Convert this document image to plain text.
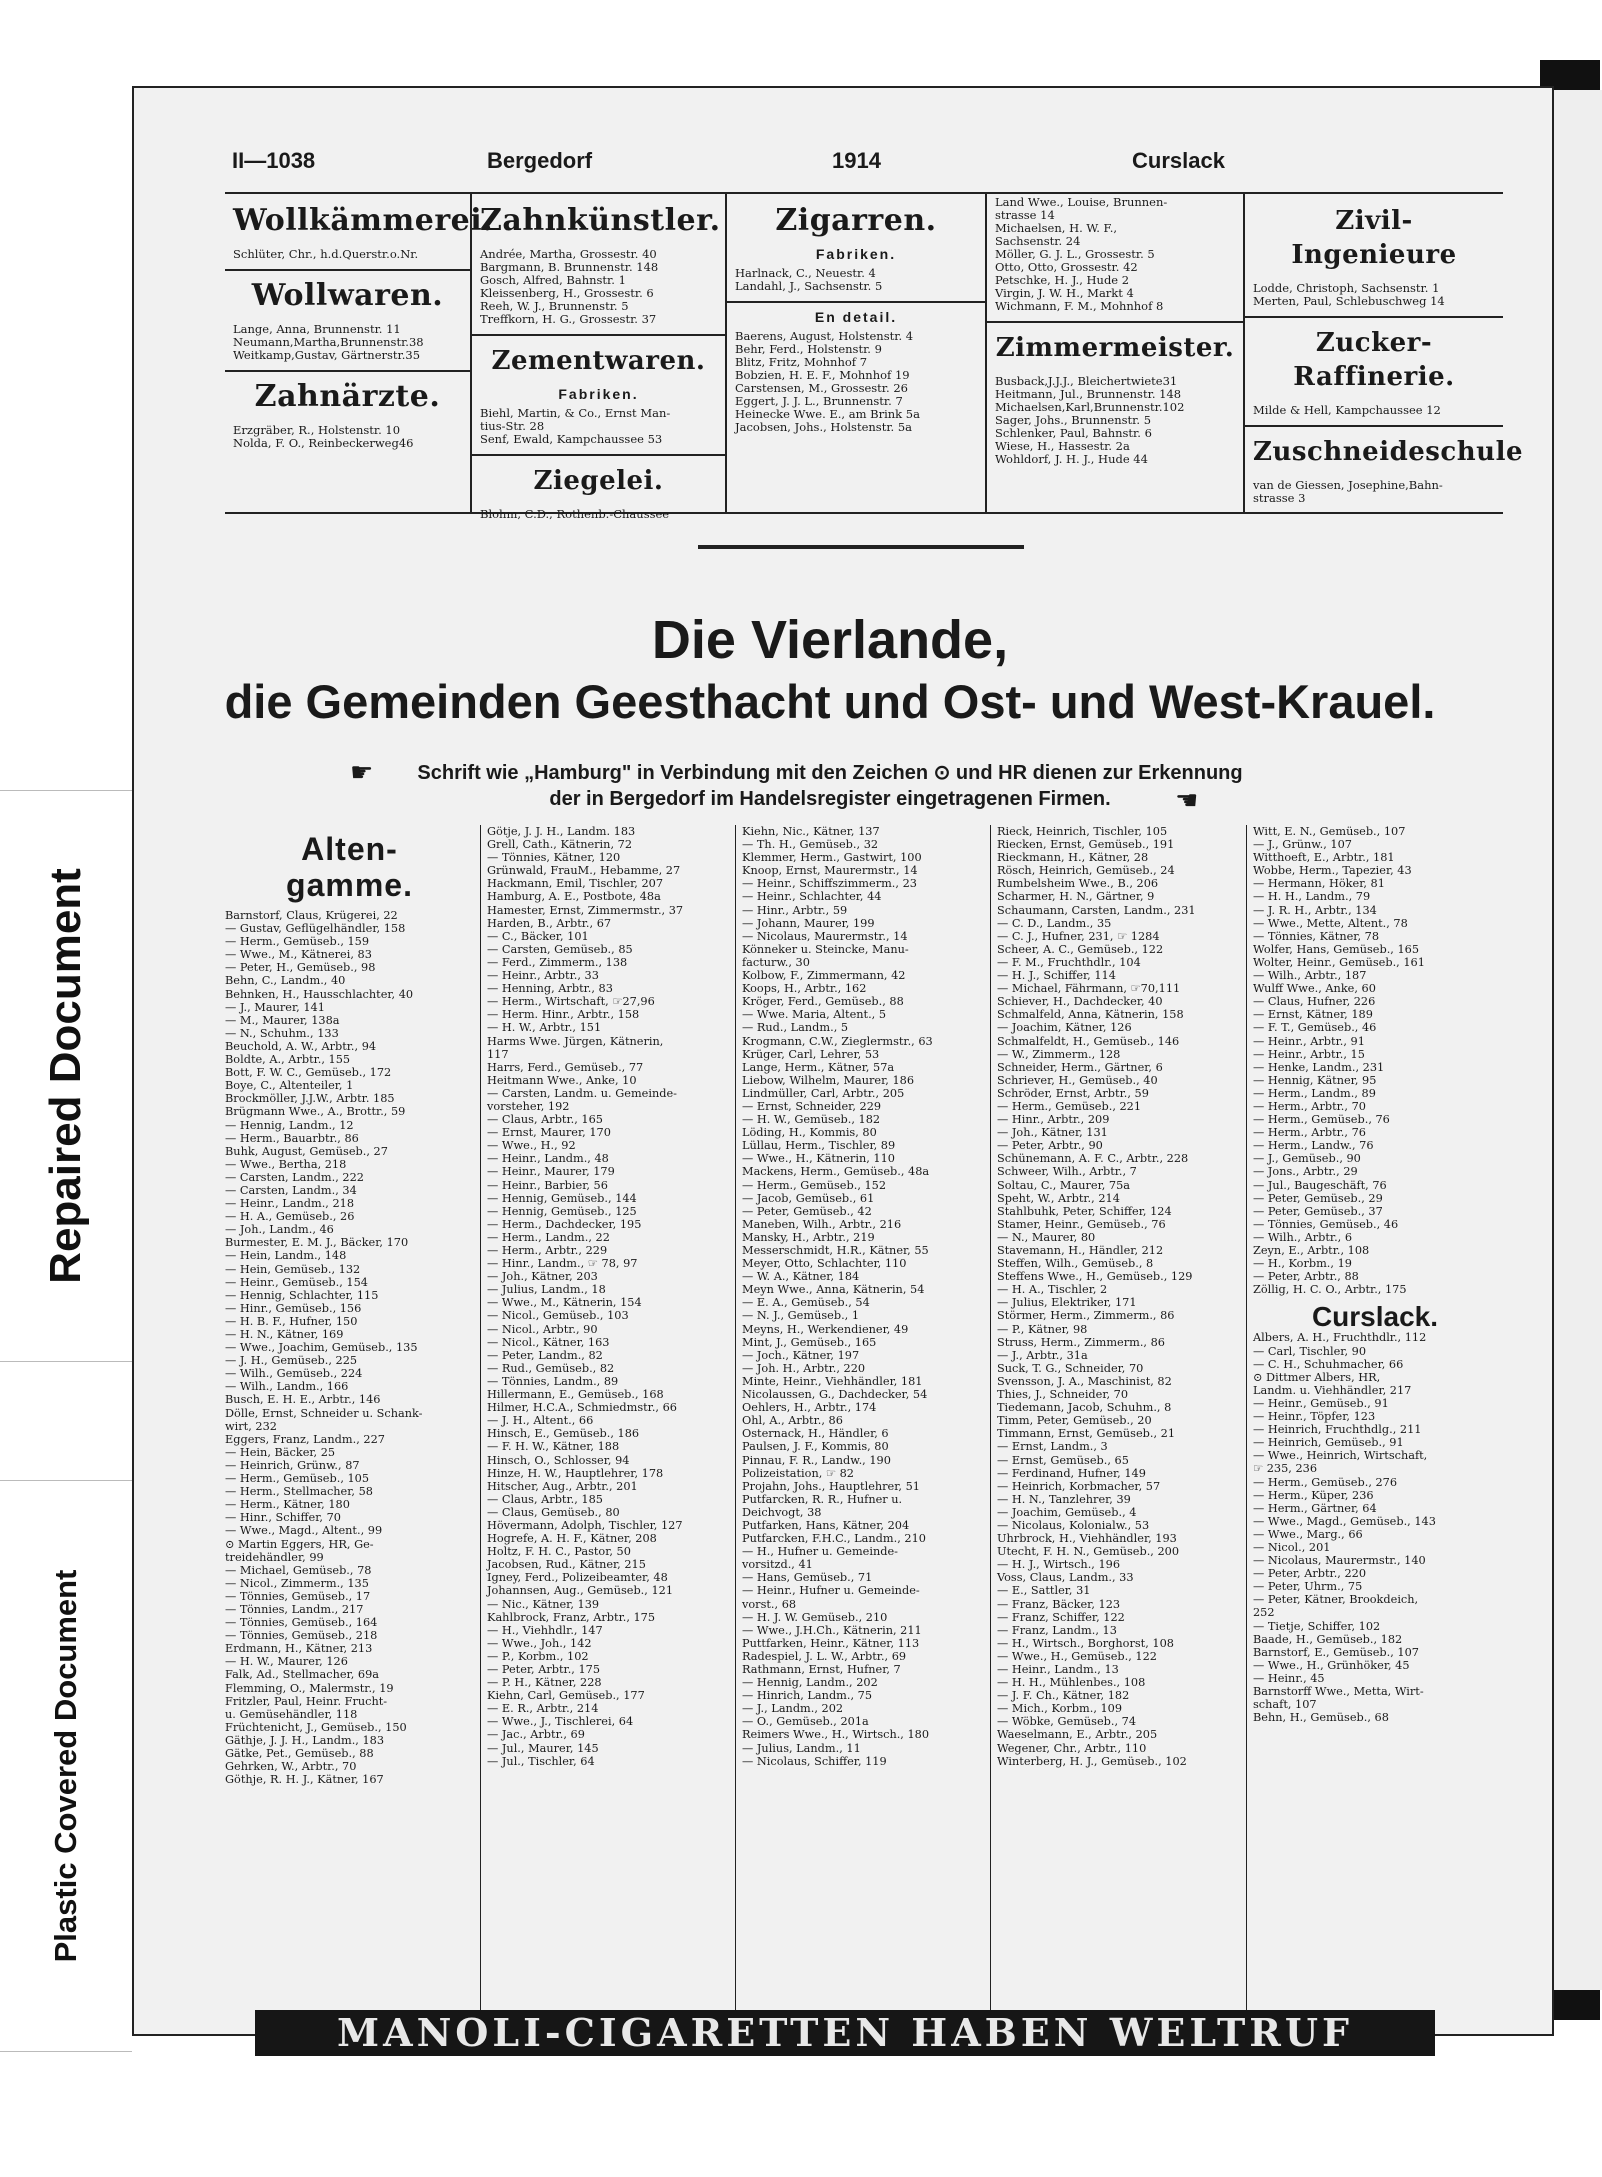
Repaired Document
Plastic Covered Document
II—1038	Bergedorf	1914	Curslack
Wollkämmerei.
Schlüter, Chr., h.d.Querstr.o.Nr.
Wollwaren.
Lange, Anna, Brunnenstr. 11
Neumann,Martha,Brunnenstr.38
Weitkamp,Gustav, Gärtnerstr.35
Zahnärzte.
Erzgräber, R., Holstenstr. 10
Nolda, F. O., Reinbeckerweg46
Zahnkünstler.
Andrée, Martha, Grossestr. 40
Bargmann, B. Brunnenstr. 148
Gosch, Alfred, Bahnstr. 1
Kleissenberg, H., Grossestr. 6
Reeh, W. J., Brunnenstr. 5
Treffkorn, H. G., Grossestr. 37
Zementwaren.
Fabriken.
Biehl, Martin, & Co., Ernst Man-
tius-Str. 28
Senf, Ewald, Kampchaussee 53
Ziegelei.
Blohm, C.D., Rothenb.-Chaussee
Zigarren.
Fabriken.
Harlnack, C., Neuestr. 4
Landahl, J., Sachsenstr. 5
En detail.
Baerens, August, Holstenstr. 4
Behr, Ferd., Holstenstr. 9
Blitz, Fritz, Mohnhof 7
Bobzien, H. E. F., Mohnhof 19
Carstensen, M., Grossestr. 26
Eggert, J. J. L., Brunnenstr. 7
Heinecke Wwe. E., am Brink 5a
Jacobsen, Johs., Holstenstr. 5a
Land Wwe., Louise, Brunnen-
strasse 14
Michaelsen, H. W. F.,
Sachsenstr. 24
Möller, G. J. L., Grossestr. 5
Otto, Otto, Grossestr. 42
Petschke, H. J., Hude 2
Virgin, J. W. H., Markt 4
Wichmann, F. M., Mohnhof 8
Zimmermeister.
Busback,J.J.J., Bleichertwiete31
Heitmann, Jul., Brunnenstr. 148
Michaelsen,Karl,Brunnenstr.102
Sager, Johs., Brunnenstr. 5
Schlenker, Paul, Bahnstr. 6
Wiese, H., Hassestr. 2a
Wohldorf, J. H. J., Hude 44
Zivil-Ingenieure
Lodde, Christoph, Sachsenstr. 1
Merten, Paul, Schlebuschweg 14
Zucker-Raffinerie.
Milde & Hell, Kampchaussee 12
Zuschneideschule
van de Giessen, Josephine,Bahn-
strasse 3
Die Vierlande,
die Gemeinden Geesthacht und Ost- und West-Krauel.
☛	Schrift wie „Hamburg" in Verbindung mit den Zeichen ⊙ und HR dienen zur Erkennung
der in Bergedorf im Handelsregister eingetragenen Firmen.	☛
Alten-
gamme.
Barnstorf, Claus, Krügerei, 22
— Gustav, Geflügelhändler, 158
— Herm., Gemüseb., 159
— Wwe., M., Kätnerei, 83
— Peter, H., Gemüseb., 98
Behn, C., Landm., 40
Behnken, H., Hausschlachter, 40
— J., Maurer, 141
— M., Maurer, 138a
— N., Schuhm., 133
Beuchold, A. W., Arbtr., 94
Boldte, A., Arbtr., 155
Bott, F. W. C., Gemüseb., 172
Boye, C., Altenteiler, 1
Brockmöller, J.J.W., Arbtr. 185
Brügmann Wwe., A., Brottr., 59
— Hennig, Landm., 12
— Herm., Bauarbtr., 86
Buhk, August, Gemüseb., 27
— Wwe., Bertha, 218
— Carsten, Landm., 222
— Carsten, Landm., 34
— Heinr., Landm., 218
— H. A., Gemüseb., 26
— Joh., Landm., 46
Burmester, E. M. J., Bäcker, 170
— Hein, Landm., 148
— Hein, Gemüseb., 132
— Heinr., Gemüseb., 154
— Hennig, Schlachter, 115
— Hinr., Gemüseb., 156
— H. B. F., Hufner, 150
— H. N., Kätner, 169
— Wwe., Joachim, Gemüseb., 135
— J. H., Gemüseb., 225
— Wilh., Gemüseb., 224
— Wilh., Landm., 166
Busch, E. H. E., Arbtr., 146
Dölle, Ernst, Schneider u. Schank-
wirt, 232
Eggers, Franz, Landm., 227
— Hein, Bäcker, 25
— Heinrich, Grünw., 87
— Herm., Gemüseb., 105
— Herm., Stellmacher, 58
— Herm., Kätner, 180
— Hinr., Schiffer, 70
— Wwe., Magd., Altent., 99
⊙ Martin Eggers, HR, Ge-
treidehändler, 99
— Michael, Gemüseb., 78
— Nicol., Zimmerm., 135
— Tönnies, Gemüseb., 17
— Tönnies, Landm., 217
— Tönnies, Gemüseb., 164
— Tönnies, Gemüseb., 218
Erdmann, H., Kätner, 213
— H. W., Maurer, 126
Falk, Ad., Stellmacher, 69a
Flemming, O., Malermstr., 19
Fritzler, Paul, Heinr. Frucht-
u. Gemüsehändler, 118
Früchtenicht, J., Gemüseb., 150
Gäthje, J. J. H., Landm., 183
Gätke, Pet., Gemüseb., 88
Gehrken, W., Arbtr., 70
Göthje, R. H. J., Kätner, 167
Götje, J. J. H., Landm. 183
Grell, Cath., Kätnerin, 72
— Tönnies, Kätner, 120
Grünwald, FrauM., Hebamme, 27
Hackmann, Emil, Tischler, 207
Hamburg, A. E., Postbote, 48a
Hamester, Ernst, Zimmermstr., 37
Harden, B., Arbtr., 67
— C., Bäcker, 101
— Carsten, Gemüseb., 85
— Ferd., Zimmerm., 138
— Heinr., Arbtr., 33
— Henning, Arbtr., 83
— Herm., Wirtschaft, ☞27,96
— Herm. Hinr., Arbtr., 158
— H. W., Arbtr., 151
Harms Wwe. Jürgen, Kätnerin,
117
Harrs, Ferd., Gemüseb., 77
Heitmann Wwe., Anke, 10
— Carsten, Landm. u. Gemeinde-
vorsteher, 192
— Claus, Arbtr., 165
— Ernst, Maurer, 170
— Wwe., H., 92
— Heinr., Landm., 48
— Heinr., Maurer, 179
— Heinr., Barbier, 56
— Hennig, Gemüseb., 144
— Hennig, Gemüseb., 125
— Herm., Dachdecker, 195
— Herm., Landm., 22
— Herm., Arbtr., 229
— Hinr., Landm., ☞ 78, 97
— Joh., Kätner, 203
— Julius, Landm., 18
— Wwe., M., Kätnerin, 154
— Nicol., Gemüseb., 103
— Nicol., Arbtr., 90
— Nicol., Kätner, 163
— Peter, Landm., 82
— Rud., Gemüseb., 82
— Tönnies, Landm., 89
Hillermann, E., Gemüseb., 168
Hilmer, H.C.A., Schmiedmstr., 66
— J. H., Altent., 66
Hinsch, E., Gemüseb., 186
— F. H. W., Kätner, 188
Hinsch, O., Schlosser, 94
Hinze, H. W., Hauptlehrer, 178
Hitscher, Aug., Arbtr., 201
— Claus, Arbtr., 185
— Claus, Gemüseb., 80
Hövermann, Adolph, Tischler, 127
Hogrefe, A. H. F., Kätner, 208
Holtz, F. H. C., Pastor, 50
Jacobsen, Rud., Kätner, 215
Igney, Ferd., Polizeibeamter, 48
Johannsen, Aug., Gemüseb., 121
— Nic., Kätner, 139
Kahlbrock, Franz, Arbtr., 175
— H., Viehhdlr., 147
— Wwe., Joh., 142
— P., Korbm., 102
— Peter, Arbtr., 175
— P. H., Kätner, 228
Kiehn, Carl, Gemüseb., 177
— E. R., Arbtr., 214
— Wwe., J., Tischlerei, 64
— Jac., Arbtr., 69
— Jul., Maurer, 145
— Jul., Tischler, 64
Kiehn, Nic., Kätner, 137
— Th. H., Gemüseb., 32
Klemmer, Herm., Gastwirt, 100
Knoop, Ernst, Maurermstr., 14
— Heinr., Schiffszimmerm., 23
— Heinr., Schlachter, 44
— Hinr., Arbtr., 59
— Johann, Maurer, 199
— Nicolaus, Maurermstr., 14
Könneker u. Steincke, Manu-
facturw., 30
Kolbow, F., Zimmermann, 42
Koops, H., Arbtr., 162
Kröger, Ferd., Gemüseb., 88
— Wwe. Maria, Altent., 5
— Rud., Landm., 5
Krogmann, C.W., Zieglermstr., 63
Krüger, Carl, Lehrer, 53
Lange, Herm., Kätner, 57a
Liebow, Wilhelm, Maurer, 186
Lindmüller, Carl, Arbtr., 205
— Ernst, Schneider, 229
— H. W., Gemüseb., 182
Löding, H., Kommis, 80
Lüllau, Herm., Tischler, 89
— Wwe., H., Kätnerin, 110
Mackens, Herm., Gemüseb., 48a
— Herm., Gemüseb., 152
— Jacob, Gemüseb., 61
— Peter, Gemüseb., 42
Maneben, Wilh., Arbtr., 216
Mansky, H., Arbtr., 219
Messerschmidt, H.R., Kätner, 55
Meyer, Otto, Schlachter, 110
— W. A., Kätner, 184
Meyn Wwe., Anna, Kätnerin, 54
— E. A., Gemüseb., 54
— N. J., Gemüseb., 1
Meyns, H., Werkendiener, 49
Mint, J., Gemüseb., 165
— Joch., Kätner, 197
— Joh. H., Arbtr., 220
Minte, Heinr., Viehhändler, 181
Nicolaussen, G., Dachdecker, 54
Oehlers, H., Arbtr., 174
Ohl, A., Arbtr., 86
Osternack, H., Händler, 6
Paulsen, J. F., Kommis, 80
Pinnau, F. R., Landw., 190
Polizeistation, ☞ 82
Projahn, Johs., Hauptlehrer, 51
Putfarcken, R. R., Hufner u.
Deichvogt, 38
Putfarken, Hans, Kätner, 204
Putfarcken, F.H.C., Landm., 210
— H., Hufner u. Gemeinde-
vorsitzd., 41
— Hans, Gemüseb., 71
— Heinr., Hufner u. Gemeinde-
vorst., 68
— H. J. W. Gemüseb., 210
— Wwe., J.H.Ch., Kätnerin, 211
Puttfarken, Heinr., Kätner, 113
Radespiel, J. L. W., Arbtr., 69
Rathmann, Ernst, Hufner, 7
— Hennig, Landm., 202
— Hinrich, Landm., 75
— J., Landm., 202
— O., Gemüseb., 201a
Reimers Wwe., H., Wirtsch., 180
— Julius, Landm., 11
— Nicolaus, Schiffer, 119
Rieck, Heinrich, Tischler, 105
Riecken, Ernst, Gemüseb., 191
Rieckmann, H., Kätner, 28
Rösch, Heinrich, Gemüseb., 24
Rumbelsheim Wwe., B., 206
Scharmer, H. N., Gärtner, 9
Schaumann, Carsten, Landm., 231
— C. D., Landm., 35
— C. J., Hufner, 231, ☞ 1284
Scheer, A. C., Gemüseb., 122
— F. M., Fruchthdlr., 104
— H. J., Schiffer, 114
— Michael, Fährmann, ☞70,111
Schiever, H., Dachdecker, 40
Schmalfeld, Anna, Kätnerin, 158
— Joachim, Kätner, 126
Schmalfeldt, H., Gemüseb., 146
— W., Zimmerm., 128
Schneider, Herm., Gärtner, 6
Schriever, H., Gemüseb., 40
Schröder, Ernst, Arbtr., 59
— Herm., Gemüseb., 221
— Hinr., Arbtr., 209
— Joh., Kätner, 131
— Peter, Arbtr., 90
Schünemann, A. F. C., Arbtr., 228
Schweer, Wilh., Arbtr., 7
Soltau, C., Maurer, 75a
Speht, W., Arbtr., 214
Stahlbuhk, Peter, Schiffer, 124
Stamer, Heinr., Gemüseb., 76
— N., Maurer, 80
Stavemann, H., Händler, 212
Steffen, Wilh., Gemüseb., 8
Steffens Wwe., H., Gemüseb., 129
— H. A., Tischler, 2
— Julius, Elektriker, 171
Störmer, Herm., Zimmerm., 86
— P., Kätner, 98
Struss, Herm., Zimmerm., 86
— J., Arbtr., 31a
Suck, T. G., Schneider, 70
Svensson, J. A., Maschinist, 82
Thies, J., Schneider, 70
Tiedemann, Jacob, Schuhm., 8
Timm, Peter, Gemüseb., 20
Timmann, Ernst, Gemüseb., 21
— Ernst, Landm., 3
— Ernst, Gemüseb., 65
— Ferdinand, Hufner, 149
— Heinrich, Korbmacher, 57
— H. N., Tanzlehrer, 39
— Joachim, Gemüseb., 4
— Nicolaus, Kolonialw., 53
Uhrbrock, H., Viehhändler, 193
Utecht, F. H. N., Gemüseb., 200
— H. J., Wirtsch., 196
Voss, Claus, Landm., 33
— E., Sattler, 31
— Franz, Bäcker, 123
— Franz, Schiffer, 122
— Franz, Landm., 13
— H., Wirtsch., Borghorst, 108
— Wwe., H., Gemüseb., 122
— Heinr., Landm., 13
— H. H., Mühlenbes., 108
— J. F. Ch., Kätner, 182
— Mich., Korbm., 109
— Wöbke, Gemüseb., 74
Waeselmann, E., Arbtr., 205
Wegener, Chr., Arbtr., 110
Winterberg, H. J., Gemüseb., 102
Witt, E. N., Gemüseb., 107
— J., Grünw., 107
Witthoeft, E., Arbtr., 181
Wobbe, Herm., Tapezier, 43
— Hermann, Höker, 81
— H. H., Landm., 79
— J. R. H., Arbtr., 134
— Wwe., Mette, Altent., 78
— Tönnies, Kätner, 78
Wolfer, Hans, Gemüseb., 165
Wolter, Heinr., Gemüseb., 161
— Wilh., Arbtr., 187
Wulff Wwe., Anke, 60
— Claus, Hufner, 226
— Ernst, Kätner, 189
— F. T., Gemüseb., 46
— Heinr., Arbtr., 91
— Heinr., Arbtr., 15
— Henke, Landm., 231
— Hennig, Kätner, 95
— Herm., Landm., 89
— Herm., Arbtr., 70
— Herm., Gemüseb., 76
— Herm., Arbtr., 76
— Herm., Landw., 76
— J., Gemüseb., 90
— Jons., Arbtr., 29
— Jul., Baugeschäft, 76
— Peter, Gemüseb., 29
— Peter, Gemüseb., 37
— Tönnies, Gemüseb., 46
— Wilh., Arbtr., 6
Zeyn, E., Arbtr., 108
— H., Korbm., 19
— Peter, Arbtr., 88
Zöllig, H. C. O., Arbtr., 175
Curslack.
Albers, A. H., Fruchthdlr., 112
— Carl, Tischler, 90
— C. H., Schuhmacher, 66
⊙ Dittmer Albers, HR,
Landm. u. Viehhändler, 217
— Heinr., Gemüseb., 91
— Heinr., Töpfer, 123
— Heinrich, Fruchthdlg., 211
— Heinrich, Gemüseb., 91
— Wwe., Heinrich, Wirtschaft,
☞ 235, 236
— Herm., Gemüseb., 276
— Herm., Küper, 236
— Herm., Gärtner, 64
— Wwe., Magd., Gemüseb., 143
— Wwe., Marg., 66
— Nicol., 201
— Nicolaus, Maurermstr., 140
— Peter, Arbtr., 220
— Peter, Uhrm., 75
— Peter, Kätner, Brookdeich,
252
— Tietje, Schiffer, 102
Baade, H., Gemüseb., 182
Barnstorf, E., Gemüseb., 107
— Wwe., H., Grünhöker, 45
— Heinr., 45
Barnstorff Wwe., Metta, Wirt-
schaft, 107
Behn, H., Gemüseb., 68
MANOLI-CIGARETTEN HABEN WELTRUF
